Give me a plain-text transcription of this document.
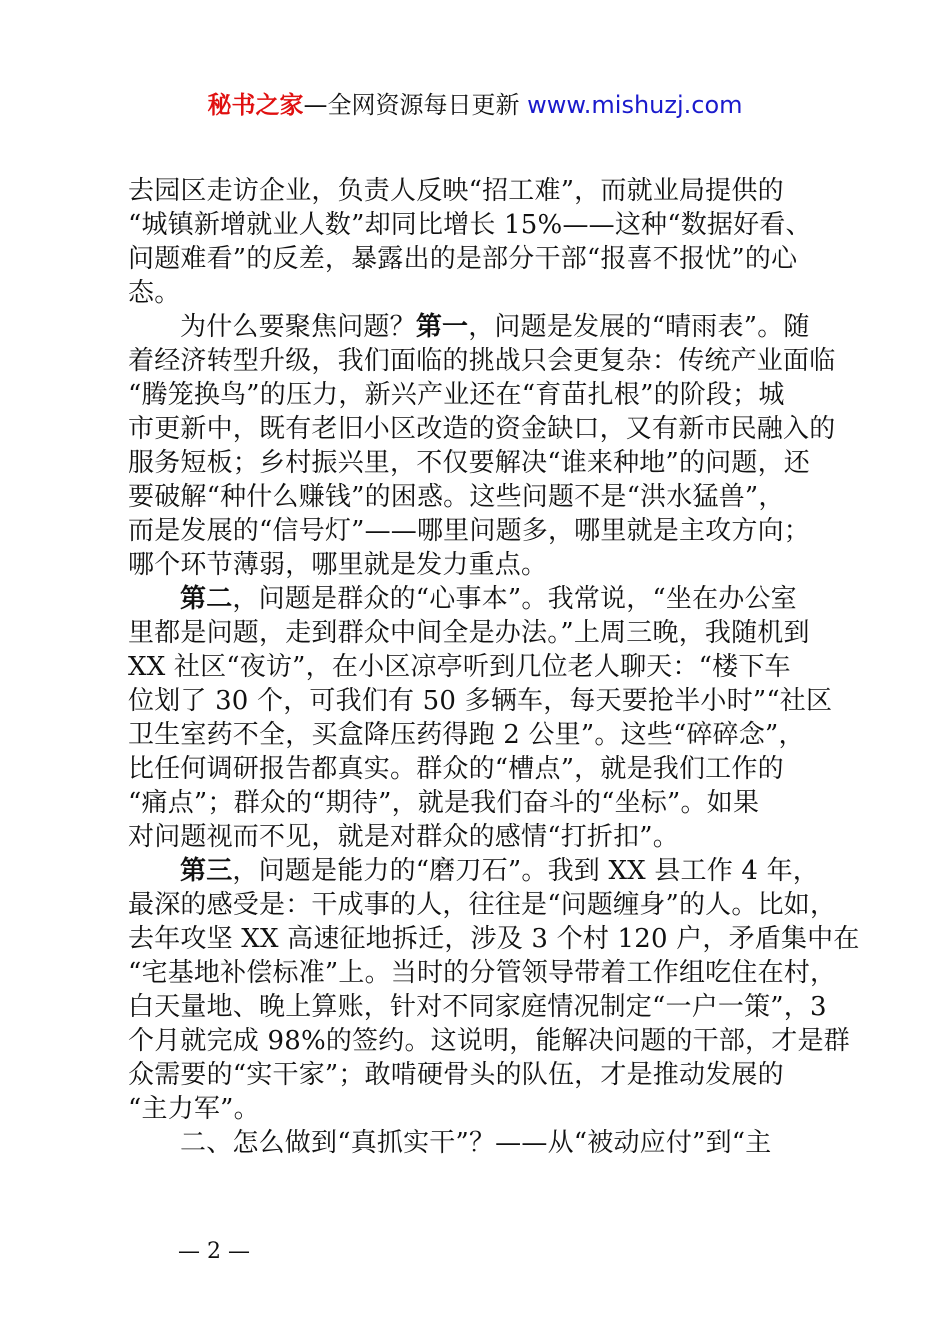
秘书之家—全网资源每日更新 www.mishuzj.com
去园区走访企业，负责人反映“招工难”，而就业局提供的
“城镇新增就业人数”却同比增长 15%——这种“数据好看、
问题难看”的反差，暴露出的是部分干部“报喜不报忧”的心
态。
为什么要聚焦问题？第一，问题是发展的“晴雨表”。随
着经济转型升级，我们面临的挑战只会更复杂：传统产业面临
“腾笼换鸟”的压力，新兴产业还在“育苗扎根”的阶段；城
市更新中，既有老旧小区改造的资金缺口，又有新市民融入的
服务短板；乡村振兴里，不仅要解决“谁来种地”的问题，还
要破解“种什么赚钱”的困惑。这些问题不是“洪水猛兽”，
而是发展的“信号灯”——哪里问题多，哪里就是主攻方向；
哪个环节薄弱，哪里就是发力重点。
第二，问题是群众的“心事本”。我常说，“坐在办公室
里都是问题，走到群众中间全是办法。”上周三晚，我随机到
XX 社区“夜访”，在小区凉亭听到几位老人聊天：“楼下车
位划了 30 个，可我们有 50 多辆车，每天要抢半小时”“社区
卫生室药不全，买盒降压药得跑 2 公里”。这些“碎碎念”，
比任何调研报告都真实。群众的“槽点”，就是我们工作的
“痛点”；群众的“期待”，就是我们奋斗的“坐标”。如果
对问题视而不见，就是对群众的感情“打折扣”。
第三，问题是能力的“磨刀石”。我到 XX 县工作 4 年，
最深的感受是：干成事的人，往往是“问题缠身”的人。比如，
去年攻坚 XX 高速征地拆迁，涉及 3 个村 120 户，矛盾集中在
“宅基地补偿标准”上。当时的分管领导带着工作组吃住在村，
白天量地、晚上算账，针对不同家庭情况制定“一户一策”，3
个月就完成 98%的签约。这说明，能解决问题的干部，才是群
众需要的“实干家”；敢啃硬骨头的队伍，才是推动发展的
“主力军”。
二、怎么做到“真抓实干”？——从“被动应付”到“主
— 2 —
